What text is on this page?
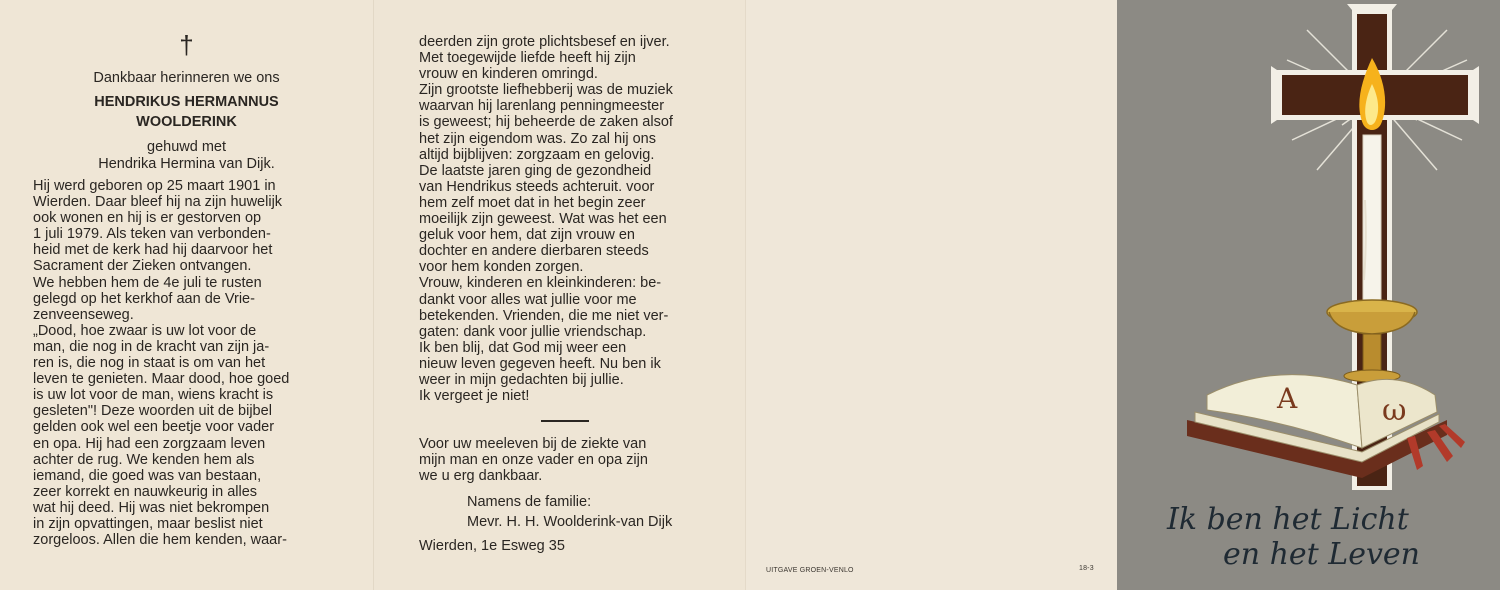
†
Dankbaar herinneren we ons
HENDRIKUS HERMANNUS
WOOLDERINK
gehuwd met
Hendrika Hermina van Dijk.

Hij werd geboren op 25 maart 1901 in

Wierden. Daar bleef hij na zijn huwelijk

ook wonen en hij is er gestorven op

1 juli 1979. Als teken van verbonden-

heid met de kerk had hij daarvoor het

Sacrament der Zieken ontvangen.

We hebben hem de 4e juli te rusten

gelegd op het kerkhof aan de Vrie-

zenveenseweg.

„Dood, hoe zwaar is uw lot voor de

man, die nog in de kracht van zijn ja-

ren is, die nog in staat is om van het

leven te genieten. Maar dood, hoe goed

is uw lot voor de man, wiens kracht is

gesleten"! Deze woorden uit de bijbel

gelden ook wel een beetje voor vader

en opa. Hij had een zorgzaam leven

achter de rug. We kenden hem als

iemand, die goed was van bestaan,

zeer korrekt en nauwkeurig in alles

wat hij deed. Hij was niet bekrompen

in zijn opvattingen, maar beslist niet

zorgeloos. Allen die hem kenden, waar-

deerden zijn grote plichtsbesef en ijver.

Met toegewijde liefde heeft hij zijn

vrouw en kinderen omringd.

Zijn grootste liefhebberij was de muziek

waarvan hij larenlang penningmeester

is geweest; hij beheerde de zaken alsof

het zijn eigendom was. Zo zal hij ons

altijd bijblijven: zorgzaam en gelovig.

De laatste jaren ging de gezondheid

van Hendrikus steeds achteruit. voor

hem zelf moet dat in het begin zeer

moeilijk zijn geweest. Wat was het een

geluk voor hem, dat zijn vrouw en

dochter en andere dierbaren steeds

voor hem konden zorgen.

Vrouw, kinderen en kleinkinderen: be-

dankt voor alles wat jullie voor me

betekenden. Vrienden, die me niet ver-

gaten: dank voor jullie vriendschap.

Ik ben blij, dat God mij weer een

nieuw leven gegeven heeft. Nu ben ik

weer in mijn gedachten bij jullie.

Ik vergeet je niet!

Voor uw meeleven bij de ziekte van
mijn man en onze vader en opa zijn
we u erg dankbaar.
Namens de familie:
Mevr. H. H. Woolderink-van Dijk
Wierden, 1e Esweg 35
UITGAVE GROEN-VENLO	18-3
A	ω
Ik ben het Licht
en het Leven
